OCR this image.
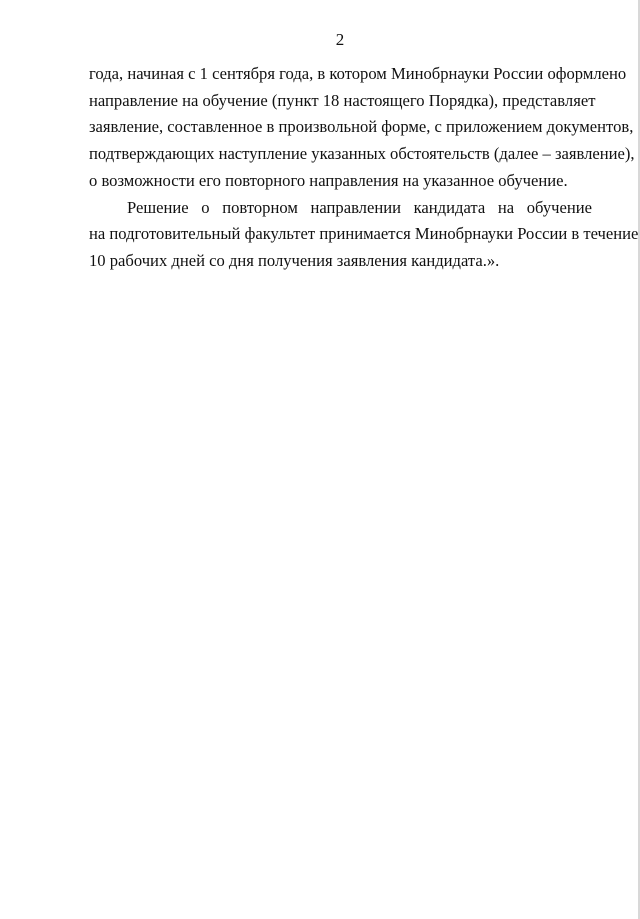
2

года, начиная с 1 сентября года, в котором Минобрнауки России оформлено
направление на обучение (пункт 18 настоящего Порядка), представляет
заявление, составленное в произвольной форме, с приложением документов,
подтверждающих наступление указанных обстоятельств (далее – заявление),
о возможности его повторного направления на указанное обучение.

Решение о повторном направлении кандидата на обучение
на подготовительный факультет принимается Минобрнауки России в течение
10 рабочих дней со дня получения заявления кандидата.».
